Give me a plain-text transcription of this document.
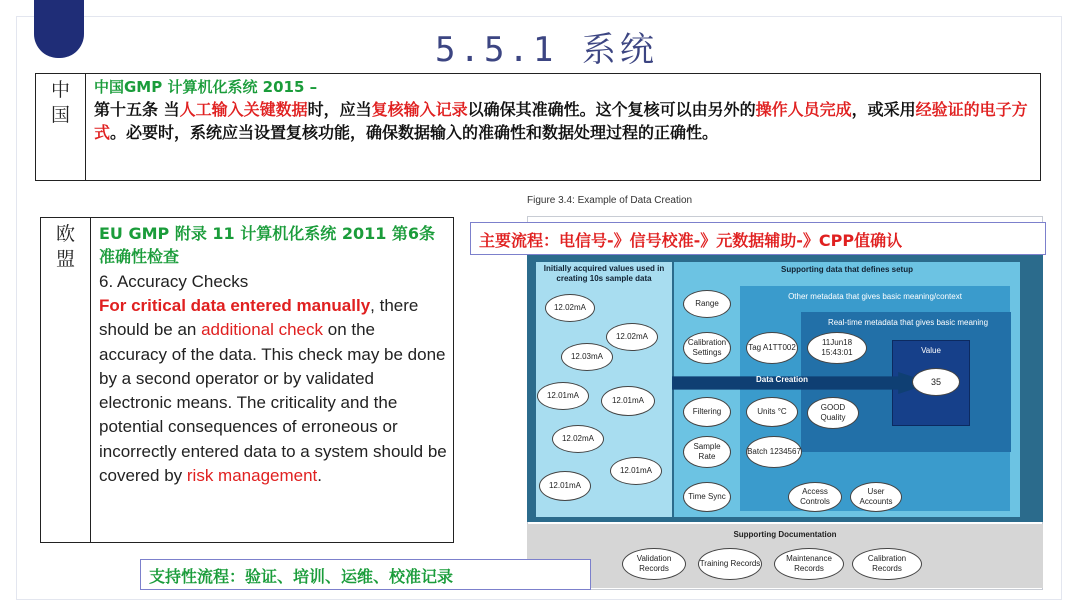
5.5.1 系统
中
国
中国GMP 计算机化系统 2015 –
第十五条 当人工输入关键数据时，应当复核输入记录以确保其准确性。这个复核可以由另外的操作人员完成，或采用经验证的电子方式。必要时，系统应当设置复核功能，确保数据输入的准确性和数据处理过程的正确性。
欧
盟
EU GMP 附录 11 计算机化系统 2011 第6条 准确性检查
6. Accuracy Checks
For critical data entered manually, there should be an additional check on the accuracy of the data. This check may be done by a second operator or by validated electronic means. The criticality and the potential consequences of erroneous or incorrectly entered data to a system should be covered by risk management.
Figure 3.4: Example of Data Creation
Initially acquired values used in creating 10s sample data
Supporting data that defines setup
Other metadata that gives basic meaning/context
Real-time metadata that gives basic meaning
Value
Data Creation
12.02mA
12.02mA
12.03mA
12.01mA
12.01mA
12.02mA
12.01mA
12.01mA
Range
Calibration Settings
Filtering
Sample Rate
Time Sync
Tag A1TT002
11Jun18 15:43:01
Units °C	GOOD Quality
Batch 1234567
Access Controls
User Accounts
35
Supporting Documentation
Validation Records
Training Records
Maintenance Records
Calibration Records
主要流程：电信号-》信号校准-》元数据辅助-》CPP值确认
支持性流程：验证、培训、运维、校准记录
